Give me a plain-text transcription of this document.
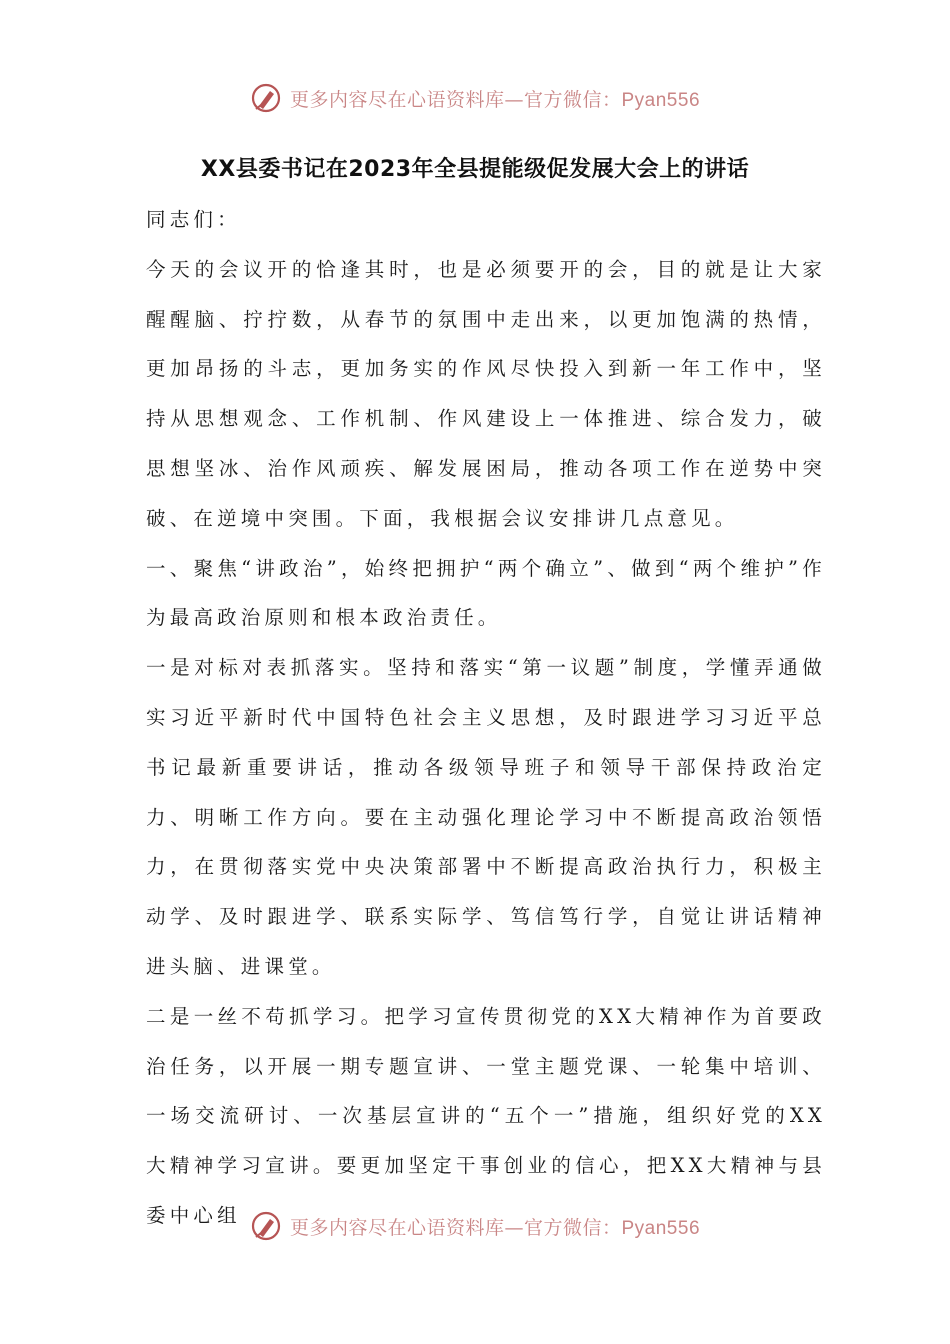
更多内容尽在心语资料库—官方微信：Pyan556
XX县委书记在2023年全县提能级促发展大会上的讲话

同志们：

今天的会议开的恰逢其时，也是必须要开的会，目的就是让大家醒醒脑、拧拧数，从春节的氛围中走出来，以更加饱满的热情，更加昂扬的斗志，更加务实的作风尽快投入到新一年工作中，坚持从思想观念、工作机制、作风建设上一体推进、综合发力，破思想坚冰、治作风顽疾、解发展困局，推动各项工作在逆势中突破、在逆境中突围。下面，我根据会议安排讲几点意见。

一、聚焦“讲政治”，始终把拥护“两个确立”、做到“两个维护”作为最高政治原则和根本政治责任。

一是对标对表抓落实。坚持和落实“第一议题”制度，学懂弄通做实习近平新时代中国特色社会主义思想，及时跟进学习习近平总书记最新重要讲话，推动各级领导班子和领导干部保持政治定力、明晰工作方向。要在主动强化理论学习中不断提高政治领悟力，在贯彻落实党中央决策部署中不断提高政治执行力，积极主动学、及时跟进学、联系实际学、笃信笃行学，自觉让讲话精神进头脑、进课堂。

二是一丝不苟抓学习。把学习宣传贯彻党的XX大精神作为首要政治任务，以开展一期专题宣讲、一堂主题党课、一轮集中培训、一场交流研讨、一次基层宣讲的“五个一”措施，组织好党的XX大精神学习宣讲。要更加坚定干事创业的信心，把XX大精神与县委中心组

更多内容尽在心语资料库—官方微信：Pyan556
